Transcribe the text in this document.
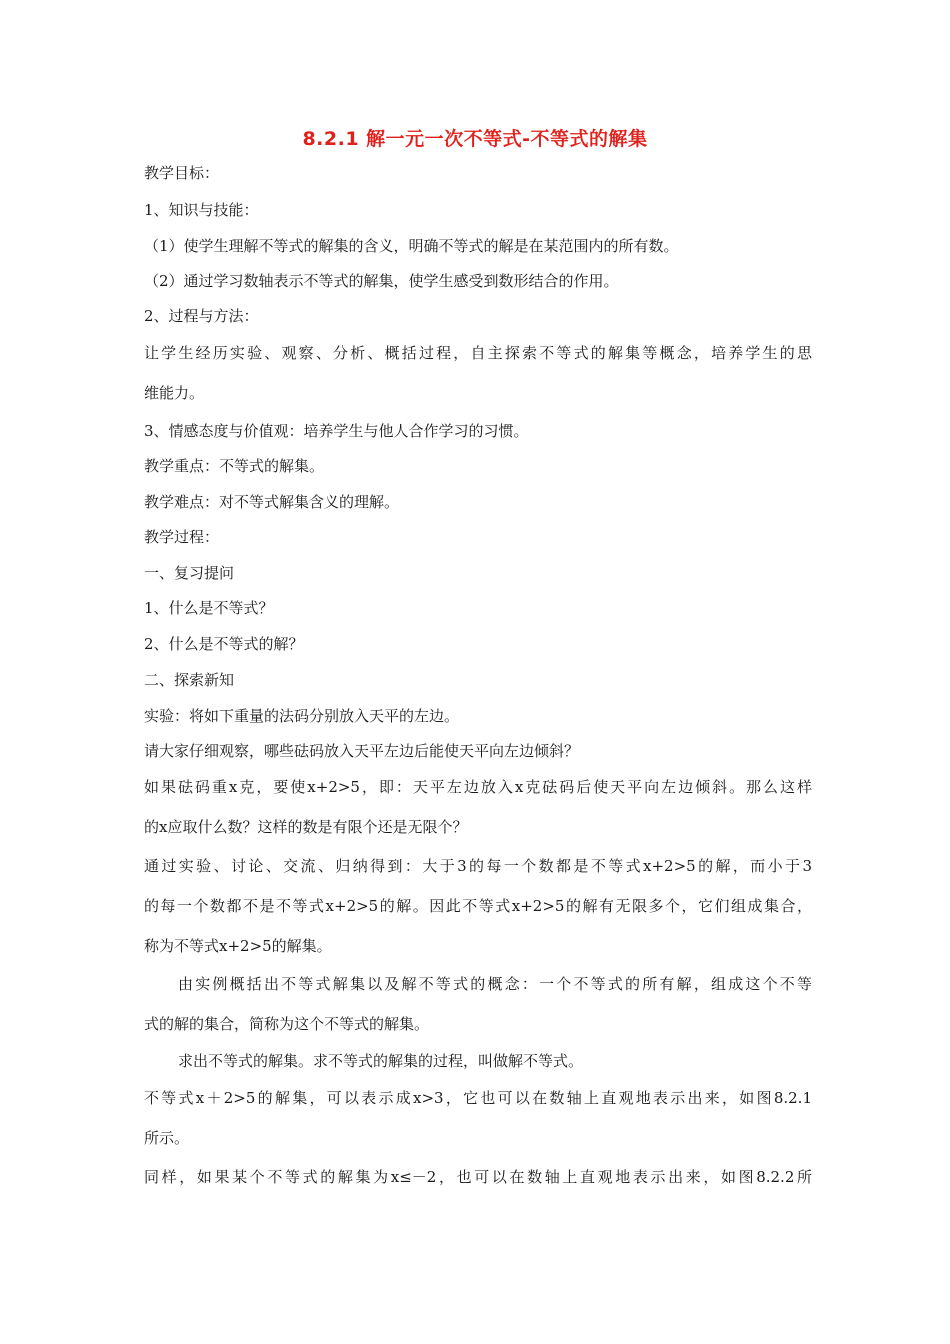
8.2.1 解一元一次不等式-不等式的解集

教学目标：

1、知识与技能：

（1）使学生理解不等式的解集的含义，明确不等式的解是在某范围内的所有数。

（2）通过学习数轴表示不等式的解集，使学生感受到数形结合的作用。

2、过程与方法：

让学生经历实验、观察、分析、概括过程，自主探索不等式的解集等概念，培养学生的思

维能力。

3、情感态度与价值观：培养学生与他人合作学习的习惯。

教学重点：不等式的解集。

教学难点：对不等式解集含义的理解。

教学过程：

一、复习提问

1、什么是不等式？

2、什么是不等式的解？

二、探索新知

实验：将如下重量的法码分别放入天平的左边。

请大家仔细观察，哪些砝码放入天平左边后能使天平向左边倾斜？

如果砝码重x克，要使x+2>5，即：天平左边放入x克砝码后使天平向左边倾斜。那么这样

的x应取什么数？这样的数是有限个还是无限个？

通过实验、讨论、交流、归纳得到：大于3的每一个数都是不等式x+2>5的解，而小于3

的每一个数都不是不等式x+2>5的解。因此不等式x+2>5的解有无限多个，它们组成集合，

称为不等式x+2>5的解集。

由实例概括出不等式解集以及解不等式的概念：一个不等式的所有解，组成这个不等

式的解的集合，简称为这个不等式的解集。

求出不等式的解集。求不等式的解集的过程，叫做解不等式。

不等式x＋2>5的解集，可以表示成x>3，它也可以在数轴上直观地表示出来，如图8.2.1

所示。

同样，如果某个不等式的解集为x≤－2，也可以在数轴上直观地表示出来，如图8.2.2所
